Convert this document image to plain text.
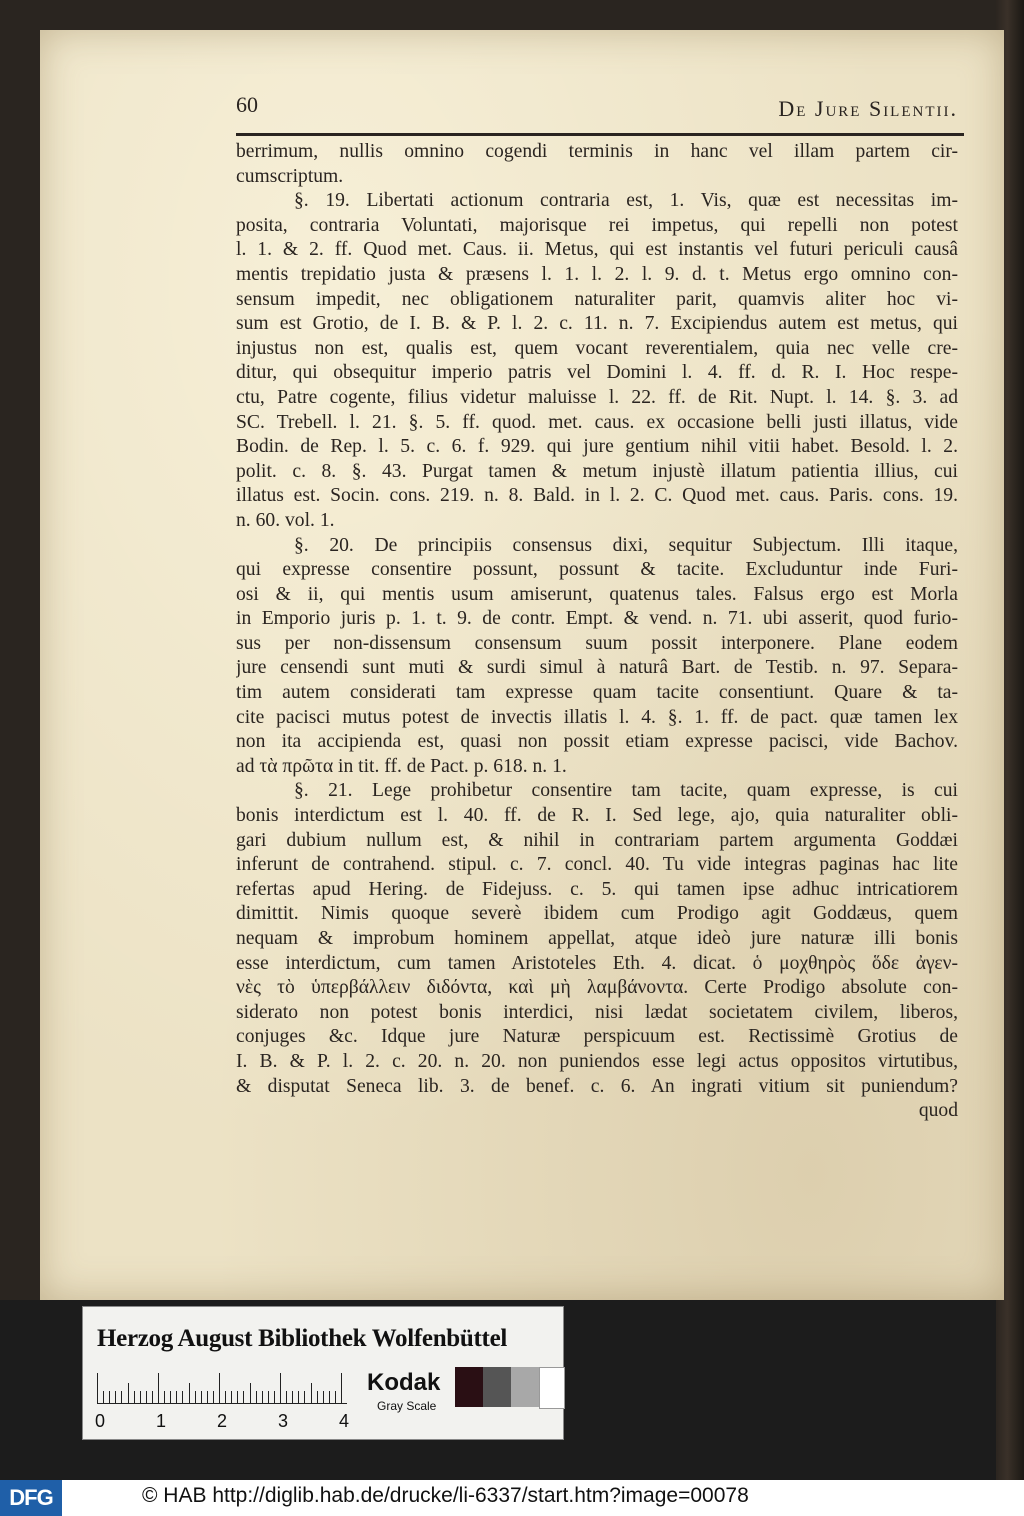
60	De Jure Silentii.
berrimum, nullis omnino cogendi terminis in hanc vel illam partem cir-
cumscriptum.
§. 19. Libertati actionum contraria est, 1. Vis, quæ est necessitas im-
posita, contraria Voluntati, majorisque rei impetus, qui repelli non potest
l. 1. & 2. ff. Quod met. Caus. ii. Metus, qui est instantis vel futuri periculi causâ
mentis trepidatio justa & præsens l. 1. l. 2. l. 9. d. t. Metus ergo omnino con-
sensum impedit, nec obligationem naturaliter parit, quamvis aliter hoc vi-
sum est Grotio, de I. B. & P. l. 2. c. 11. n. 7. Excipiendus autem est metus, qui
injustus non est, qualis est, quem vocant reverentialem, quia nec velle cre-
ditur, qui obsequitur imperio patris vel Domini l. 4. ff. d. R. I. Hoc respe-
ctu, Patre cogente, filius videtur maluisse l. 22. ff. de Rit. Nupt. l. 14. §. 3. ad
SC. Trebell. l. 21. §. 5. ff. quod. met. caus. ex occasione belli justi illatus, vide
Bodin. de Rep. l. 5. c. 6. f. 929. qui jure gentium nihil vitii habet. Besold. l. 2.
polit. c. 8. §. 43. Purgat tamen & metum injustè illatum patientia illius, cui
illatus est. Socin. cons. 219. n. 8. Bald. in l. 2. C. Quod met. caus. Paris. cons. 19.
n. 60. vol. 1.
§. 20. De principiis consensus dixi, sequitur Subjectum. Illi itaque,
qui expresse consentire possunt, possunt & tacite. Excluduntur inde Furi-
osi & ii, qui mentis usum amiserunt, quatenus tales. Falsus ergo est Morla
in Emporio juris p. 1. t. 9. de contr. Empt. & vend. n. 71. ubi asserit, quod furio-
sus per non-dissensum consensum suum possit interponere. Plane eodem
jure censendi sunt muti & surdi simul à naturâ Bart. de Testib. n. 97. Separa-
tim autem considerati tam expresse quam tacite consentiunt. Quare & ta-
cite pacisci mutus potest de invectis illatis l. 4. §. 1. ff. de pact. quæ tamen lex
non ita accipienda est, quasi non possit etiam expresse pacisci, vide Bachov.
ad τὰ πρῶτα in tit. ff. de Pact. p. 618. n. 1.
§. 21. Lege prohibetur consentire tam tacite, quam expresse, is cui
bonis interdictum est l. 40. ff. de R. I. Sed lege, ajo, quia naturaliter obli-
gari dubium nullum est, & nihil in contrariam partem argumenta Goddæi
inferunt de contrahend. stipul. c. 7. concl. 40. Tu vide integras paginas hac lite
refertas apud Hering. de Fidejuss. c. 5. qui tamen ipse adhuc intricatiorem
dimittit. Nimis quoque severè ibidem cum Prodigo agit Goddæus, quem
nequam & improbum hominem appellat, atque ideò jure naturæ illi bonis
esse interdictum, cum tamen Aristoteles Eth. 4. dicat. ὁ μοχθηρὸς ὅδε ἀγεν-
νὲς τὸ ὑπερβάλλειν διδόντα, καὶ μὴ λαμβάνοντα. Certe Prodigo absolute con-
siderato non potest bonis interdici, nisi lædat societatem civilem, liberos,
conjuges &c. Idque jure Naturæ perspicuum est. Rectissimè Grotius de
I. B. & P. l. 2. c. 20. n. 20. non puniendos esse legi actus oppositos virtutibus,
& disputat Seneca lib. 3. de benef. c. 6. An ingrati vitium sit puniendum?
quod
Herzog August Bibliothek Wolfenbüttel
0	1	2	3	4
Kodak
Gray Scale
DFG	© HAB http://diglib.hab.de/drucke/li-6337/start.htm?image=00078
